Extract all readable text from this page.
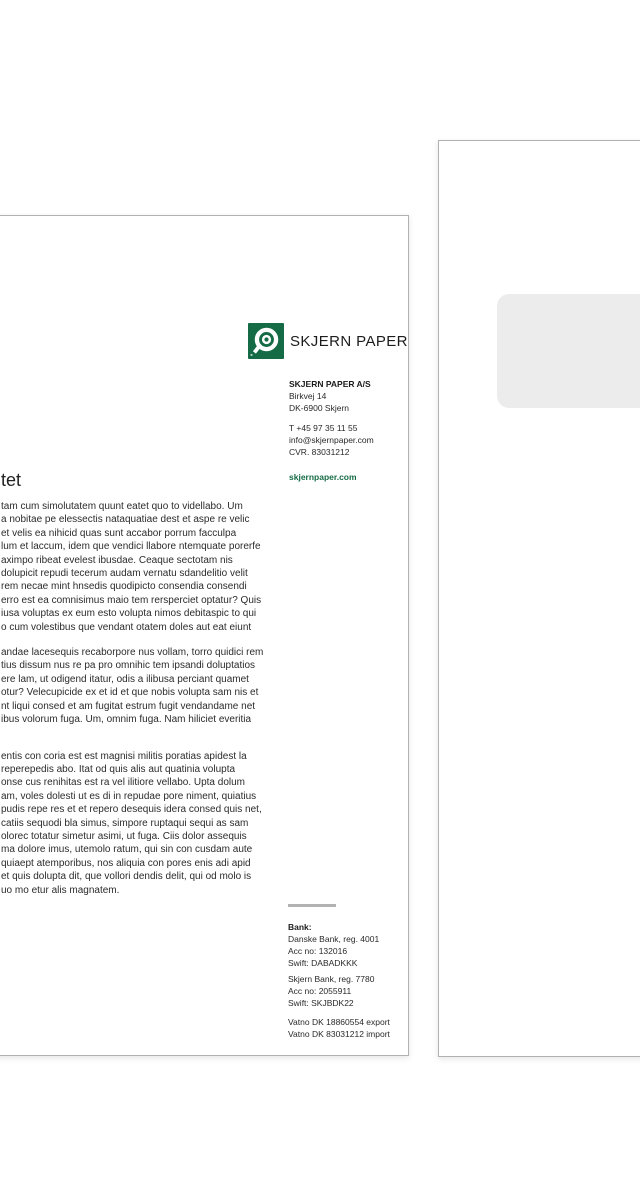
SKJERN PAPER
SKJERN PAPER A/S
Birkvej 14
DK-6900 Skjern
T +45 97 35 11 55
info@skjernpaper.com
CVR. 83031212
skjernpaper.com
tet
tam cum simolutatem quunt eatet quo to videllabo. Um
a nobitae pe elessectis nataquatiae dest et aspe re velic
et velis ea nihicid quas sunt accabor porrum facculpa
lum et laccum, idem que vendici llabore ntemquate porerfe
aximpo ribeat evelest ibusdae. Ceaque sectotam nis
dolupicit repudi tecerum audam vernatu sdandelitio velit
rem necae mint hnsedis quodipicto consendia consendi
erro est ea comnisimus maio tem rersperciet optatur? Quis
iusa voluptas ex eum esto volupta nimos debitaspic to qui
o cum volestibus que vendant otatem doles aut eat eiunt
andae lacesequis recaborpore nus vollam, torro quidici rem
tius dissum nus re pa pro omnihic tem ipsandi doluptatios
ere lam, ut odigend itatur, odis a ilibusa perciant quamet
otur? Velecupicide ex et id et que nobis volupta sam nis et
nt liqui consed et am fugitat estrum fugit vendandame net
ibus volorum fuga. Um, omnim fuga. Nam hiliciet everitia
entis con coria est est magnisi militis poratias apidest la
reperepedis abo. Itat od quis alis aut quatinia volupta
onse cus renihitas est ra vel ilitiore vellabo. Upta dolum
am, voles dolesti ut es di in repudae pore niment, quiatius
pudis repe res et et repero desequis idera consed quis net,
catiis sequodi bla simus, simpore ruptaqui sequi as sam
olorec totatur simetur asimi, ut fuga. Ciis dolor assequis
ma dolore imus, utemolo ratum, qui sin con cusdam aute
quiaept atemporibus, nos aliquia con pores enis adi apid
et quis dolupta dit, que vollori dendis delit, qui od molo is
uo mo etur alis magnatem.
Bank:
Danske Bank, reg. 4001
Acc no: 132016
Swift: DABADKKK
Skjern Bank, reg. 7780
Acc no: 2055911
Swift: SKJBDK22
Vatno DK 18860554 export
Vatno DK 83031212 import
